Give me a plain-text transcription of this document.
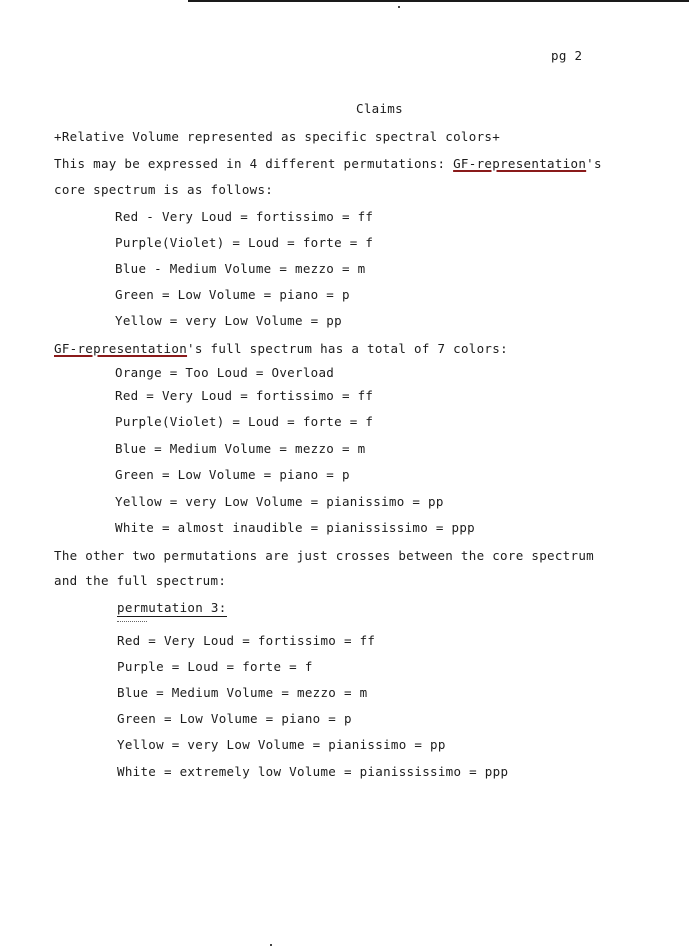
pg 2
Claims
+Relative Volume represented as specific spectral colors+
This may be expressed in 4 different permutations: GF-representation's
core spectrum is as follows:
Red - Very Loud = fortissimo = ff
Purple(Violet) = Loud = forte = f
Blue - Medium Volume = mezzo = m
Green = Low Volume = piano = p
Yellow = very Low Volume = pp
GF-representation's full spectrum has a total of 7 colors:
Orange = Too Loud = Overload
Red = Very Loud = fortissimo = ff
Purple(Violet) = Loud = forte = f
Blue = Medium Volume = mezzo = m
Green = Low Volume = piano = p
Yellow = very Low Volume = pianissimo = pp
White = almost inaudible = pianississimo = ppp
The other two permutations are just crosses between the core spectrum
and the full spectrum:
permutation 3:
Red = Very Loud = fortissimo = ff
Purple = Loud = forte = f
Blue = Medium Volume = mezzo = m
Green = Low Volume = piano = p
Yellow = very Low Volume = pianissimo = pp
White = extremely low Volume = pianississimo = ppp
